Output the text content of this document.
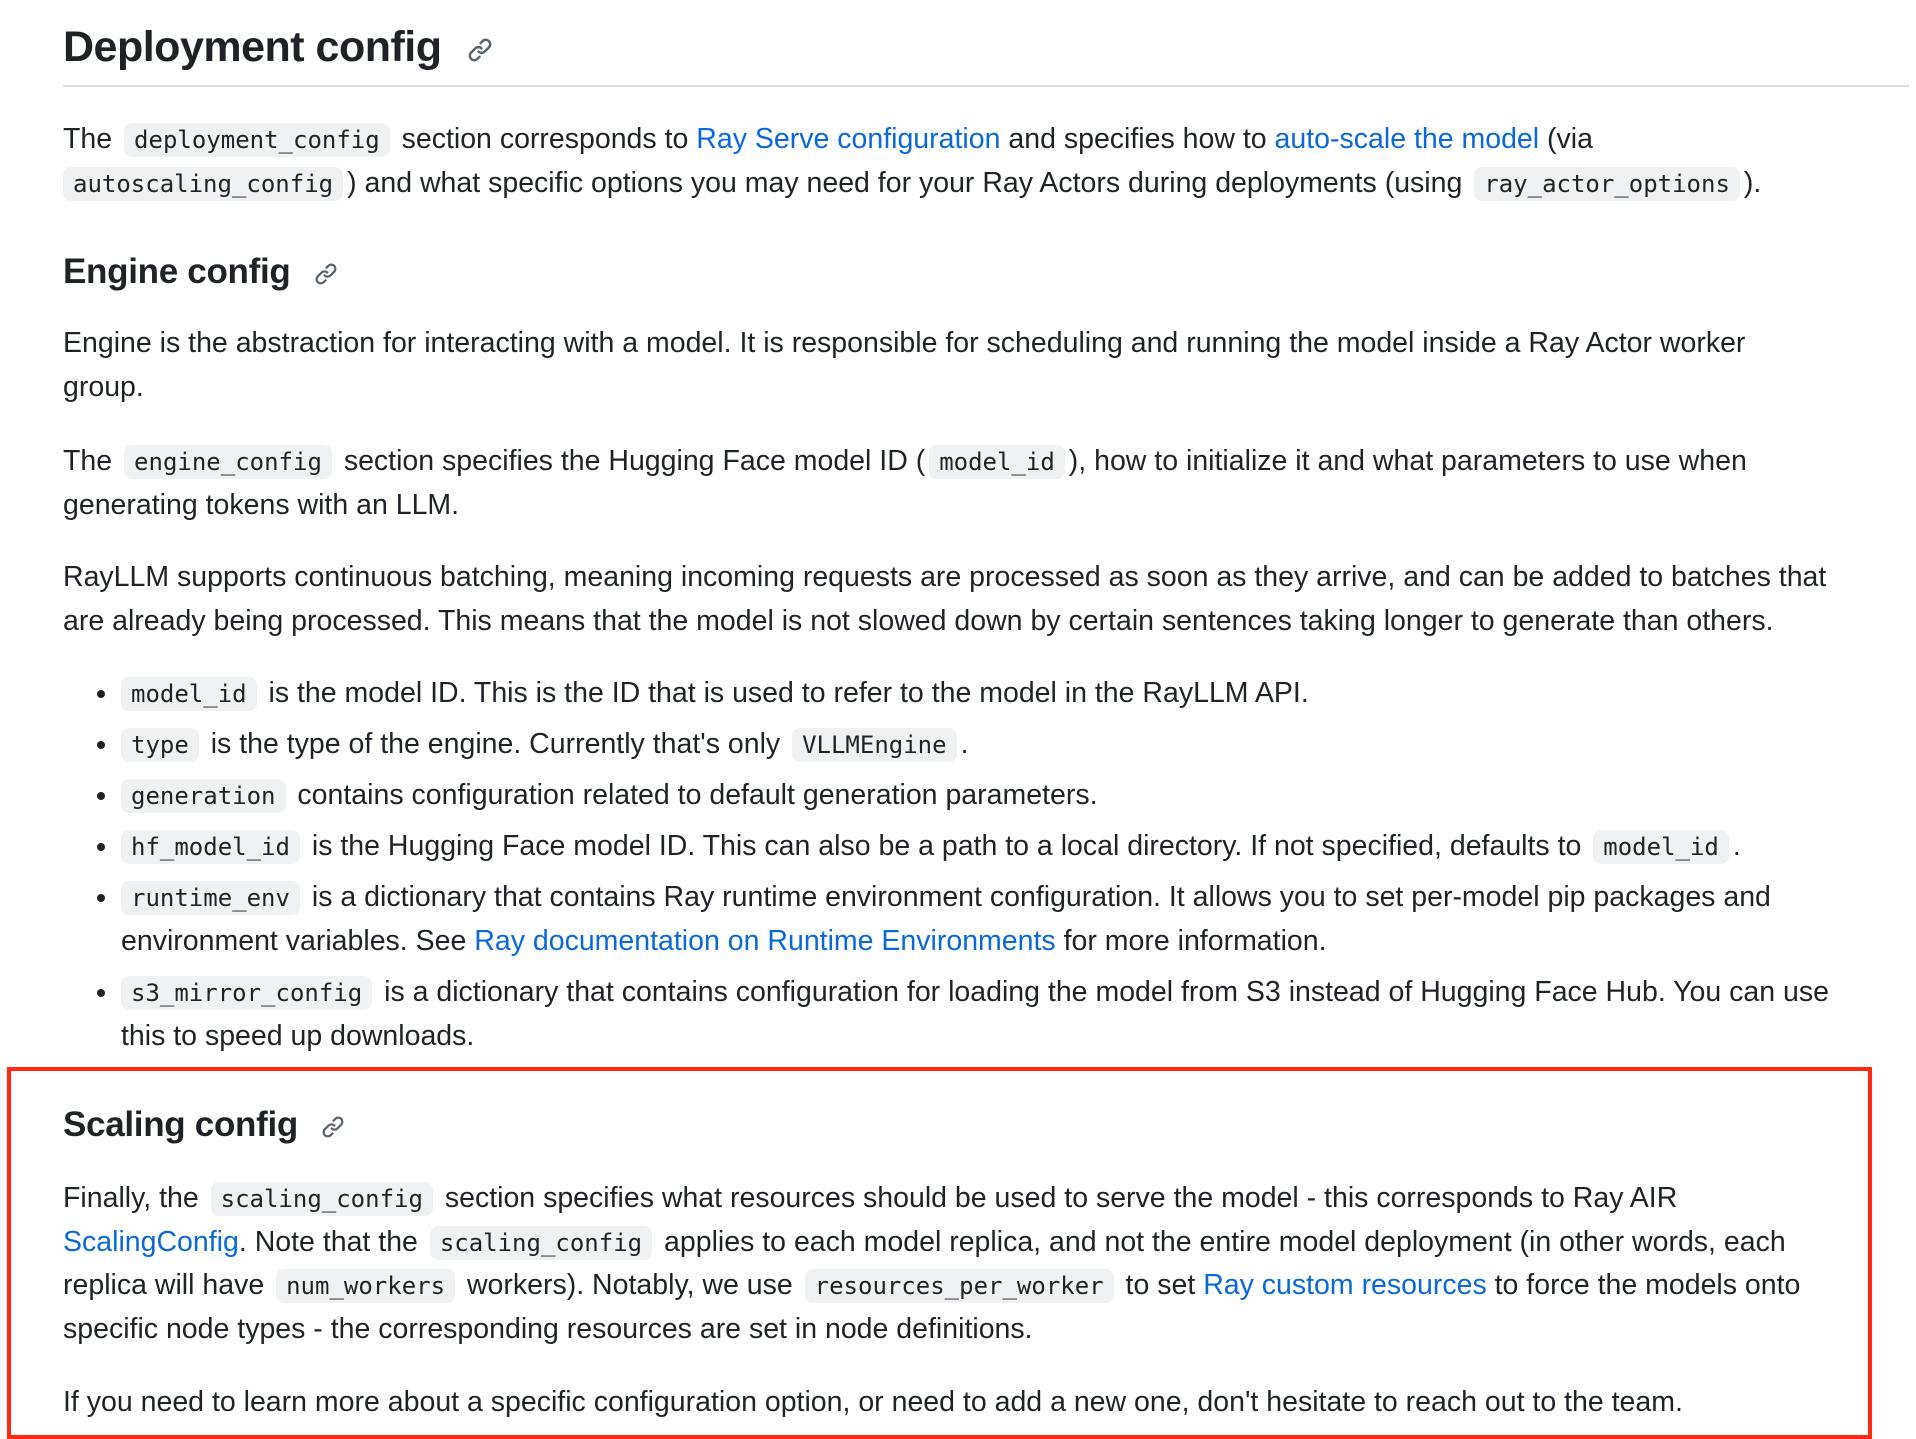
Deployment config
The deployment_config section corresponds to Ray Serve configuration and specifies how to auto-scale the model (via
autoscaling_config ) and what specific options you may need for your Ray Actors during deployments (using ray_actor_options ).
Engine config
Engine is the abstraction for interacting with a model. It is responsible for scheduling and running the model inside a Ray Actor worker
group.
The engine_config section specifies the Hugging Face model ID ( model_id ), how to initialize it and what parameters to use when
generating tokens with an LLM.
RayLLM supports continuous batching, meaning incoming requests are processed as soon as they arrive, and can be added to batches that
are already being processed. This means that the model is not slowed down by certain sentences taking longer to generate than others.
model_id is the model ID. This is the ID that is used to refer to the model in the RayLLM API.
type is the type of the engine. Currently that's only VLLMEngine .
generation contains configuration related to default generation parameters.
hf_model_id is the Hugging Face model ID. This can also be a path to a local directory. If not specified, defaults to model_id .
runtime_env is a dictionary that contains Ray runtime environment configuration. It allows you to set per-model pip packages and
environment variables. See Ray documentation on Runtime Environments for more information.
s3_mirror_config is a dictionary that contains configuration for loading the model from S3 instead of Hugging Face Hub. You can use
this to speed up downloads.
Scaling config
Finally, the scaling_config section specifies what resources should be used to serve the model - this corresponds to Ray AIR
ScalingConfig. Note that the scaling_config applies to each model replica, and not the entire model deployment (in other words, each
replica will have num_workers workers). Notably, we use resources_per_worker to set Ray custom resources to force the models onto
specific node types - the corresponding resources are set in node definitions.
If you need to learn more about a specific configuration option, or need to add a new one, don't hesitate to reach out to the team.
